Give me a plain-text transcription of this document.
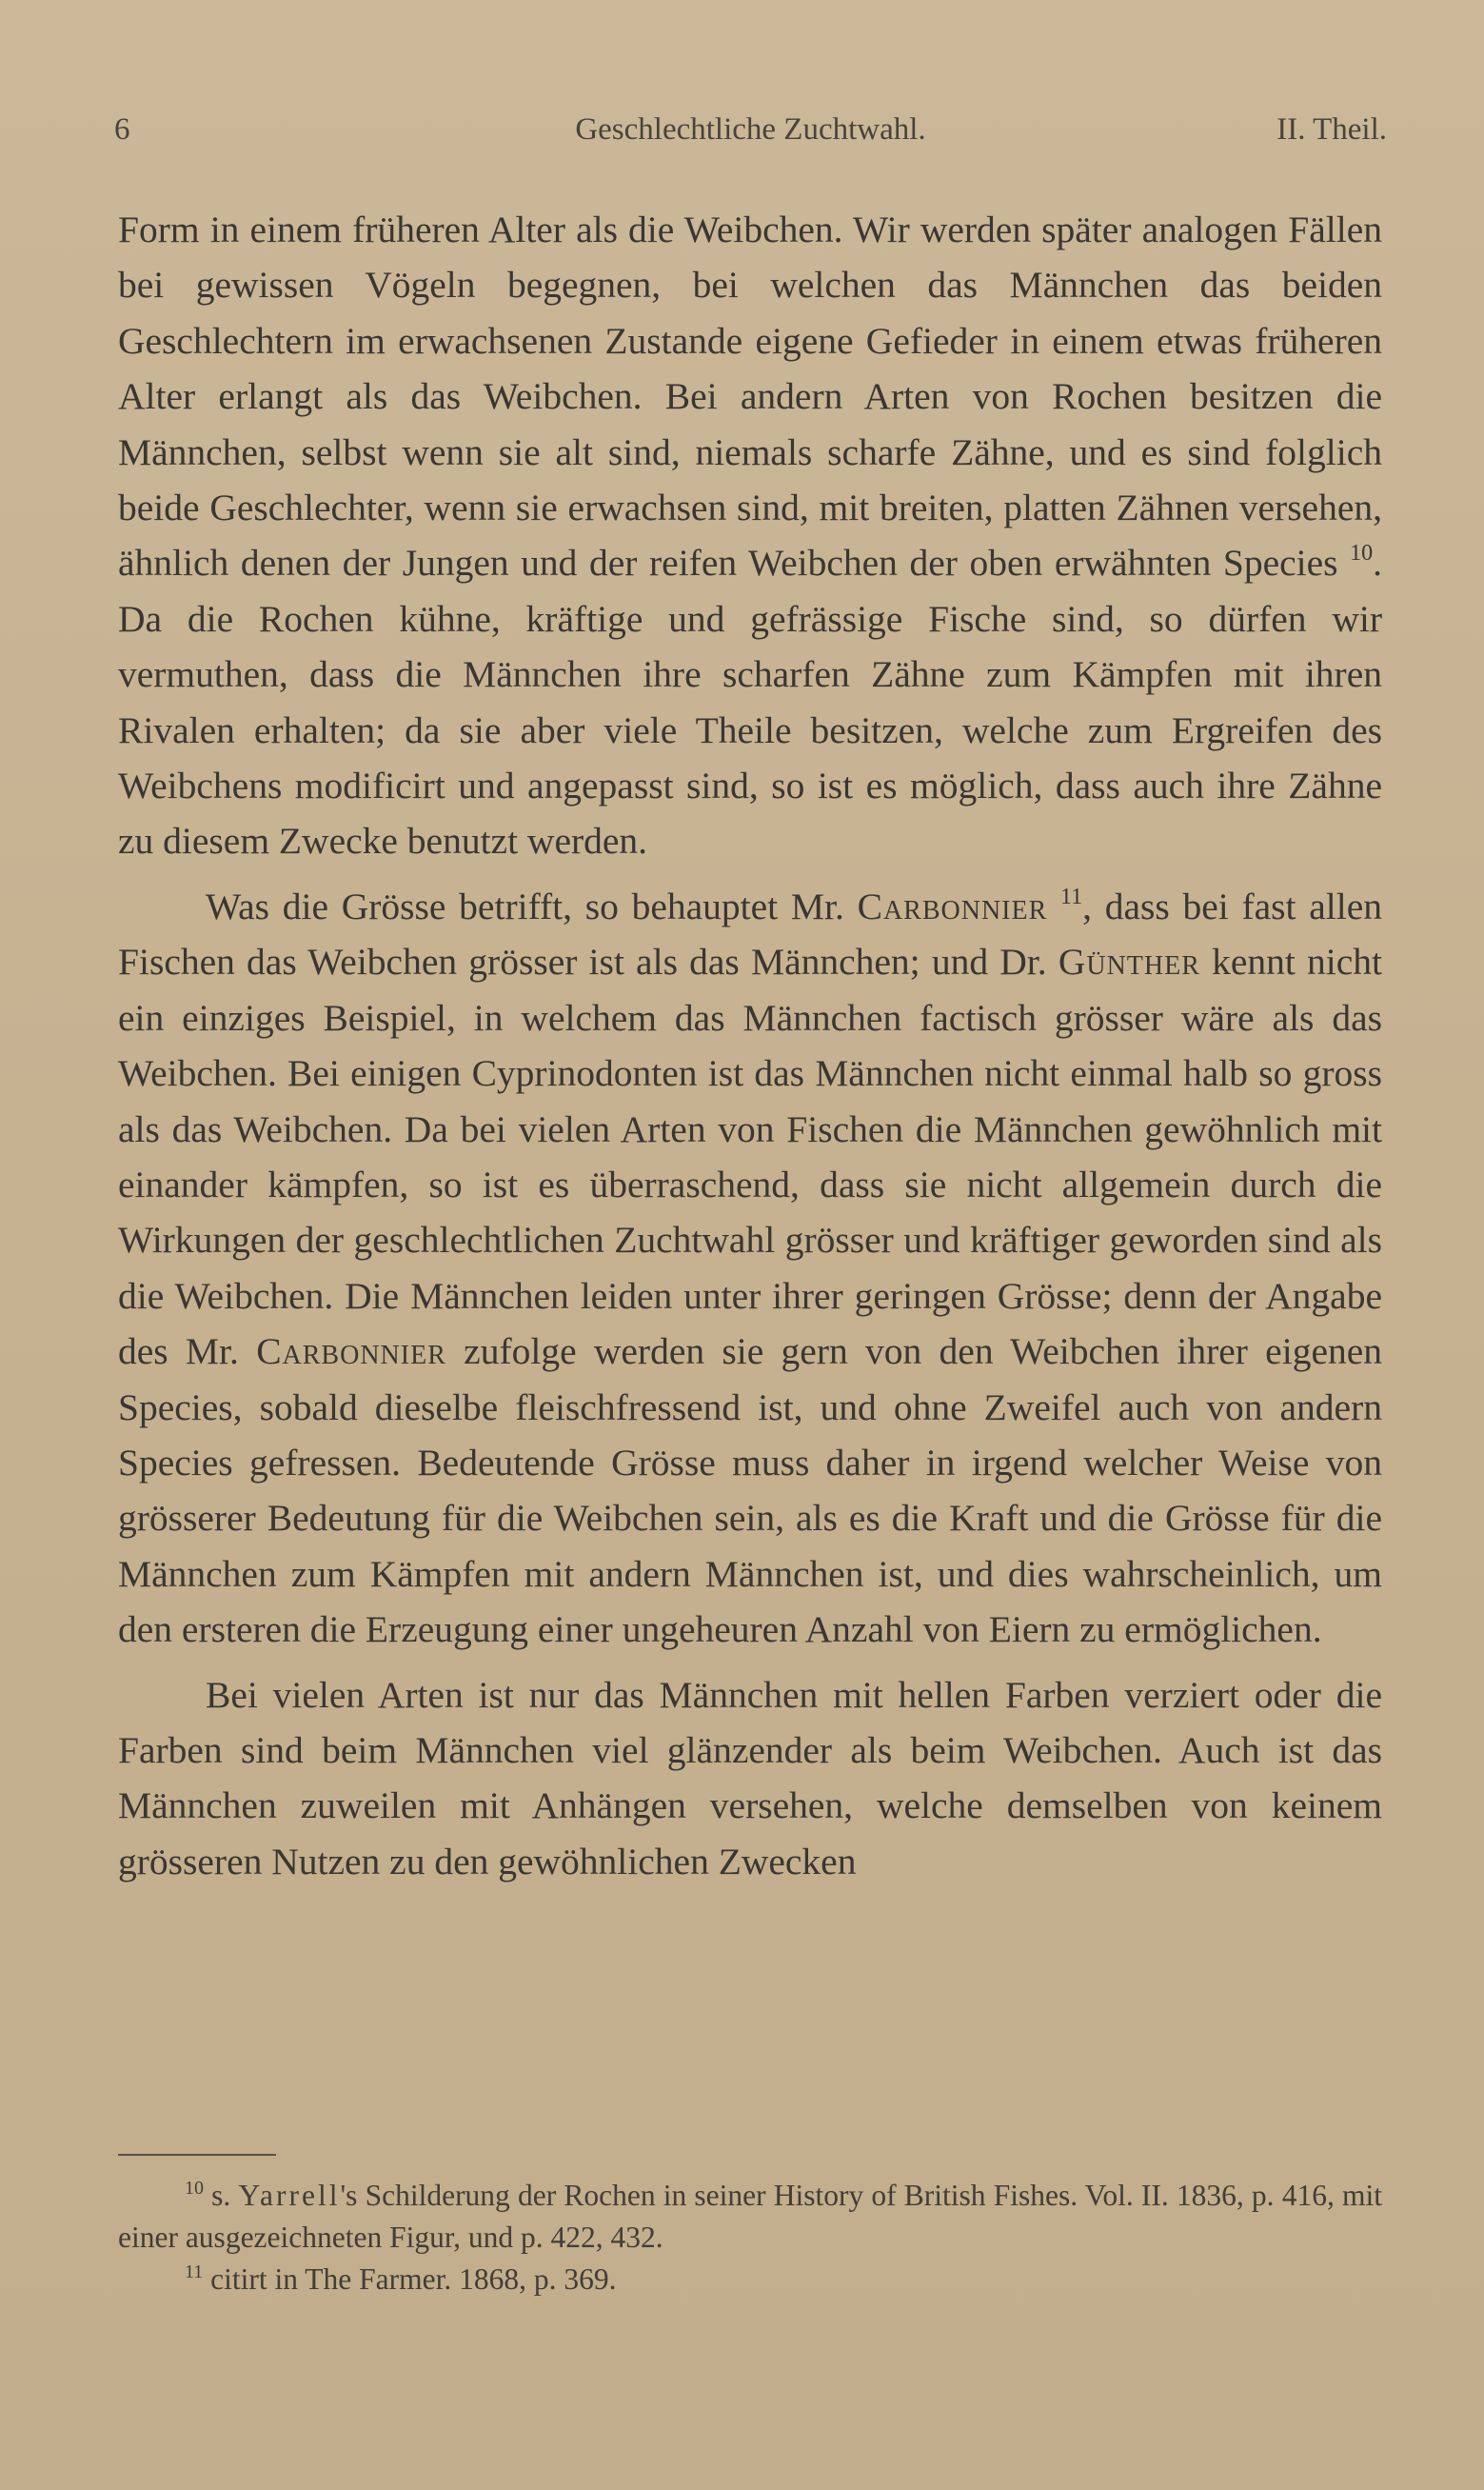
6	Geschlechtliche Zuchtwahl.	II. Theil.

Form in einem früheren Alter als die Weibchen. Wir werden später analogen Fällen bei gewissen Vögeln begegnen, bei welchen das Männchen das beiden Geschlechtern im erwachsenen Zustande eigene Gefieder in einem etwas früheren Alter erlangt als das Weibchen. Bei andern Arten von Rochen besitzen die Männchen, selbst wenn sie alt sind, niemals scharfe Zähne, und es sind folglich beide Geschlechter, wenn sie erwachsen sind, mit breiten, platten Zähnen versehen, ähnlich denen der Jungen und der reifen Weibchen der oben erwähnten Species $^{10}$. Da die Rochen kühne, kräftige und gefrässige Fische sind, so dürfen wir vermuthen, dass die Männchen ihre scharfen Zähne zum Kämpfen mit ihren Rivalen erhalten; da sie aber viele Theile besitzen, welche zum Ergreifen des Weibchens modificirt und angepasst sind, so ist es möglich, dass auch ihre Zähne zu diesem Zwecke benutzt werden.

Was die Grösse betrifft, so behauptet Mr. Carbonnier $^{11}$, dass bei fast allen Fischen das Weibchen grösser ist als das Männchen; und Dr. Günther kennt nicht ein einziges Beispiel, in welchem das Männchen factisch grösser wäre als das Weibchen. Bei einigen Cyprinodonten ist das Männchen nicht einmal halb so gross als das Weibchen. Da bei vielen Arten von Fischen die Männchen gewöhnlich mit einander kämpfen, so ist es überraschend, dass sie nicht allgemein durch die Wirkungen der geschlechtlichen Zuchtwahl grösser und kräftiger geworden sind als die Weibchen. Die Männchen leiden unter ihrer geringen Grösse; denn der Angabe des Mr. Carbonnier zufolge werden sie gern von den Weibchen ihrer eigenen Species, sobald dieselbe fleischfressend ist, und ohne Zweifel auch von andern Species gefressen. Bedeutende Grösse muss daher in irgend welcher Weise von grösserer Bedeutung für die Weibchen sein, als es die Kraft und die Grösse für die Männchen zum Kämpfen mit andern Männchen ist, und dies wahrscheinlich, um den ersteren die Erzeugung einer ungeheuren Anzahl von Eiern zu ermöglichen.

Bei vielen Arten ist nur das Männchen mit hellen Farben verziert oder die Farben sind beim Männchen viel glänzender als beim Weibchen. Auch ist das Männchen zuweilen mit Anhängen versehen, welche demselben von keinem grösseren Nutzen zu den gewöhnlichen Zwecken

$^{10}$ s. Yarrell's Schilderung der Rochen in seiner History of British Fishes. Vol. II. 1836, p. 416, mit einer ausgezeichneten Figur, und p. 422, 432.

$^{11}$ citirt in The Farmer. 1868, p. 369.
